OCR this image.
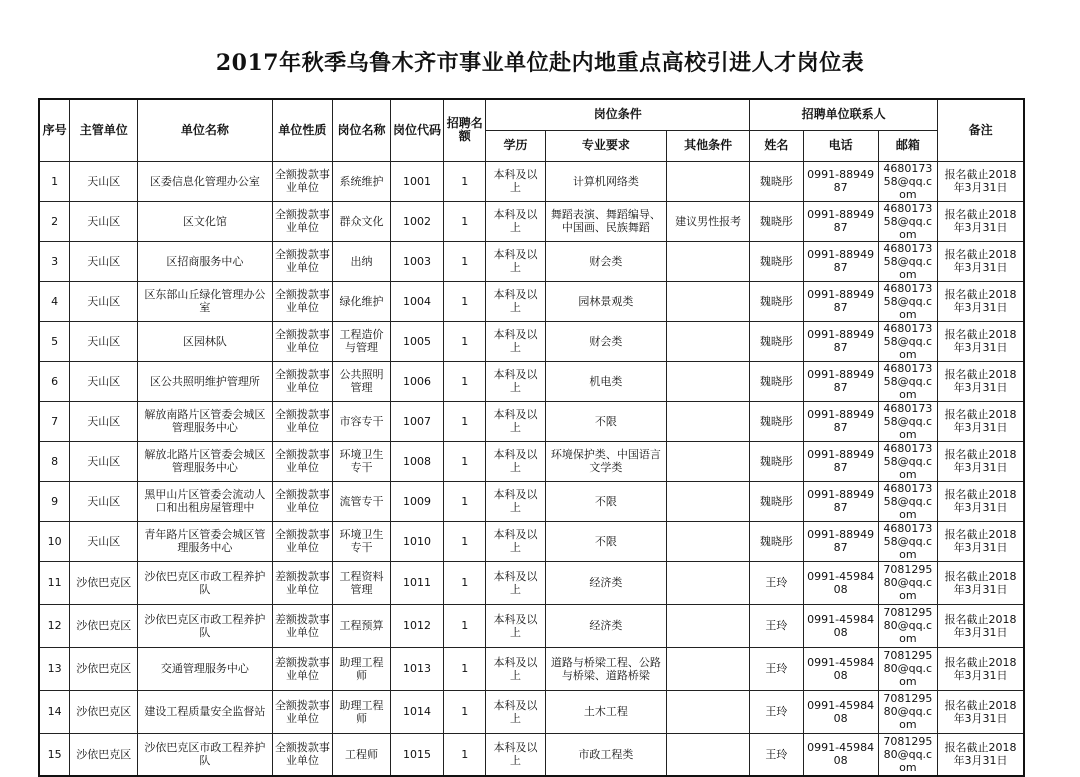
2017年秋季乌鲁木齐市事业单位赴内地重点高校引进人才岗位表
序号	主管单位	单位名称	单位性质	岗位名称	岗位代码	招聘名额	岗位条件			招聘单位联系人			备注
							学历	专业要求	其他条件	姓名	电话	邮箱	
1	天山区	区委信息化管理办公室	全额拨款事业单位	系统维护	1001	1	本科及以上	计算机网络类		魏晓彤	0991-8894987	468017358@qq.com	报名截止2018年3月31日
2	天山区	区文化馆	全额拨款事业单位	群众文化	1002	1	本科及以上	舞蹈表演、舞蹈编导、中国画、民族舞蹈	建议男性报考	魏晓彤	0991-8894987	468017358@qq.com	报名截止2018年3月31日
3	天山区	区招商服务中心	全额拨款事业单位	出纳	1003	1	本科及以上	财会类		魏晓彤	0991-8894987	468017358@qq.com	报名截止2018年3月31日
4	天山区	区东部山丘绿化管理办公室	全额拨款事业单位	绿化维护	1004	1	本科及以上	园林景观类		魏晓彤	0991-8894987	468017358@qq.com	报名截止2018年3月31日
5	天山区	区园林队	全额拨款事业单位	工程造价与管理	1005	1	本科及以上	财会类		魏晓彤	0991-8894987	468017358@qq.com	报名截止2018年3月31日
6	天山区	区公共照明维护管理所	全额拨款事业单位	公共照明管理	1006	1	本科及以上	机电类		魏晓彤	0991-8894987	468017358@qq.com	报名截止2018年3月31日
7	天山区	解放南路片区管委会城区管理服务中心	全额拨款事业单位	市容专干	1007	1	本科及以上	不限		魏晓彤	0991-8894987	468017358@qq.com	报名截止2018年3月31日
8	天山区	解放北路片区管委会城区管理服务中心	全额拨款事业单位	环境卫生专干	1008	1	本科及以上	环境保护类、中国语言文学类		魏晓彤	0991-8894987	468017358@qq.com	报名截止2018年3月31日
9	天山区	黑甲山片区管委会流动人口和出租房屋管理中	全额拨款事业单位	流管专干	1009	1	本科及以上	不限		魏晓彤	0991-8894987	468017358@qq.com	报名截止2018年3月31日
10	天山区	青年路片区管委会城区管理服务中心	全额拨款事业单位	环境卫生专干	1010	1	本科及以上	不限		魏晓彤	0991-8894987	468017358@qq.com	报名截止2018年3月31日
11	沙依巴克区	沙依巴克区市政工程养护队	差额拨款事业单位	工程资料管理	1011	1	本科及以上	经济类		王玲	0991-4598408	708129580@qq.com	报名截止2018年3月31日
12	沙依巴克区	沙依巴克区市政工程养护队	差额拨款事业单位	工程预算	1012	1	本科及以上	经济类		王玲	0991-4598408	708129580@qq.com	报名截止2018年3月31日
13	沙依巴克区	交通管理服务中心	差额拨款事业单位	助理工程师	1013	1	本科及以上	道路与桥梁工程、公路与桥梁、道路桥梁		王玲	0991-4598408	708129580@qq.com	报名截止2018年3月31日
14	沙依巴克区	建设工程质量安全监督站	全额拨款事业单位	助理工程师	1014	1	本科及以上	土木工程		王玲	0991-4598408	708129580@qq.com	报名截止2018年3月31日
15	沙依巴克区	沙依巴克区市政工程养护队	全额拨款事业单位	工程师	1015	1	本科及以上	市政工程类		王玲	0991-4598408	708129580@qq.com	报名截止2018年3月31日
